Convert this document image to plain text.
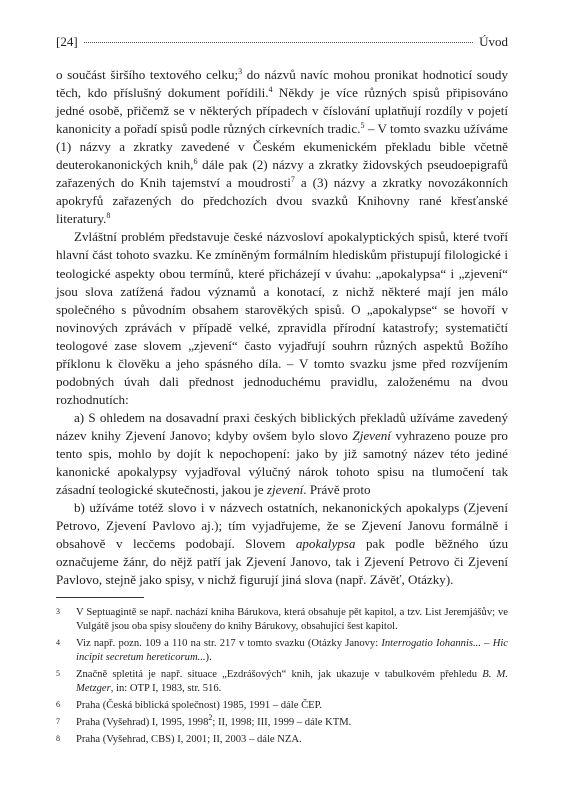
[24]	Úvod

o součást širšího textového celku;$^3$ do názvů navíc mohou pronikat hodnoticí soudy těch, kdo příslušný dokument pořídili.$^4$ Někdy je více různých spisů připisováno jedné osobě, přičemž se v některých případech v číslování uplatňují rozdíly v pojetí kanonicity a pořadí spisů podle různých církevních tradic.$^5$ – V tomto svazku užíváme (1) názvy a zkratky zavedené v Českém ekumenickém překladu bible včetně deuterokanonických knih,$^6$ dále pak (2) názvy a zkratky židovských pseudoepigrafů zařazených do Knih tajemství a moudrosti$^7$ a (3) názvy a zkratky novozákonních apokryfů zařazených do předchozích dvou svazků Knihovny rané křesťanské literatury.$^8$

Zvláštní problém představuje české názvosloví apokalyptických spisů, které tvoří hlavní část tohoto svazku. Ke zmíněným formálním hlediskům přistupují filologické i teologické aspekty obou termínů, které přicházejí v úvahu: „apokalypsa“ i „zjevení“ jsou slova zatížená řadou významů a konotací, z nichž některé mají jen málo společného s původním obsahem starověkých spisů. O „apokalypse“ se hovoří v novinových zprávách v případě velké, zpravidla přírodní katastrofy; systematičtí teologové zase slovem „zjevení“ často vyjadřují souhrn různých aspektů Božího příklonu k člověku a jeho spásného díla. – V tomto svazku jsme před rozvíjením podobných úvah dali přednost jednoduchému pravidlu, založenému na dvou rozhodnutích:

a) S ohledem na dosavadní praxi českých biblických překladů užíváme zavedený název knihy Zjevení Janovo; kdyby ovšem bylo slovo Zjevení vyhrazeno pouze pro tento spis, mohlo by dojít k nepochopení: jako by již samotný název této jediné kanonické apokalypsy vyjadřoval výlučný nárok tohoto spisu na tlumočení tak zásadní teologické skutečnosti, jakou je zjevení. Právě proto

b) užíváme totéž slovo i v názvech ostatních, nekanonických apokalyps (Zjevení Petrovo, Zjevení Pavlovo aj.); tím vyjadřujeme, že se Zjevení Janovu formálně i obsahově v lecčems podobají. Slovem apokalypsa pak podle běžného úzu označujeme žánr, do nějž patří jak Zjevení Janovo, tak i Zjevení Petrovo či Zjevení Pavlovo, stejně jako spisy, v nichž figurují jiná slova (např. Závěť, Otázky).

3	V Septuagintě se např. nachází kniha Bárukova, která obsahuje pět kapitol, a tzv. List Jeremjášův; ve Vulgátě jsou oba spisy sloučeny do knihy Bárukovy, obsahující šest kapitol.
4	Viz např. pozn. 109 a 110 na str. 217 v tomto svazku (Otázky Janovy: Interrogatio Iohannis... – Hic incipit secretum hereticorum...).
5	Značně spletitá je např. situace „Ezdrášových“ knih, jak ukazuje v tabulkovém přehledu B. M. Metzger, in: OTP I, 1983, str. 516.
6	Praha (Česká biblická společnost) 1985, 1991 – dále ČEP.
7	Praha (Vyšehrad) I, 1995, 1998$^2$; II, 1998; III, 1999 – dále KTM.
8	Praha (Vyšehrad, CBS) I, 2001; II, 2003 – dále NZA.
